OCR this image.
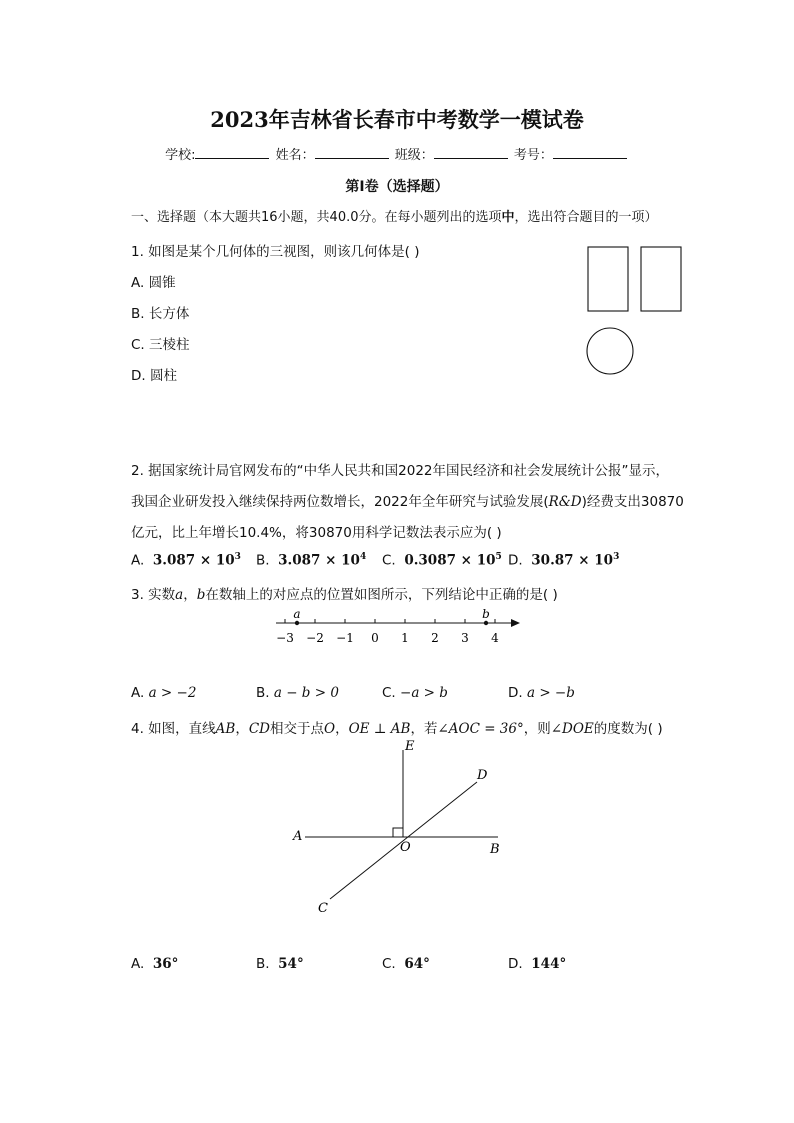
2023年吉林省长春市中考数学一模试卷
学校:	姓名：	班级：	考号：
第I卷（选择题）
一、选择题（本大题共16小题，共40.0分。在每小题列出的选项中，选出符合题目的一项）
1. 如图是某个几何体的三视图，则该几何体是( )
A. 圆锥
B. 长方体
C. 三棱柱
D. 圆柱
2. 据国家统计局官网发布的“中华人民共和国2022年国民经济和社会发展统计公报”显示，
我国企业研发投入继续保持两位数增长，2022年全年研究与试验发展(R&D)经费支出30870
亿元，比上年增长10.4%，将30870用科学记数法表示应为( )
A. $3.087 \times 10^3$ B. $3.087 \times 10^4$ C. $0.3087 \times 10^5$ D. $30.87 \times 10^3$
3. 实数a，b在数轴上的对应点的位置如图所示，下列结论中正确的是( )
−3 −2 −1 0 1 2 3 4
a	b
A. a > −2	B. a − b > 0	C. −a > b	D. a > −b
4. 如图，直线AB，CD相交于点O，OE ⊥ AB，若∠AOC = 36°，则∠DOE的度数为( )
A
B
C
D
E
O
A. 36°	B. 54°	C. 64°	D. 144°
